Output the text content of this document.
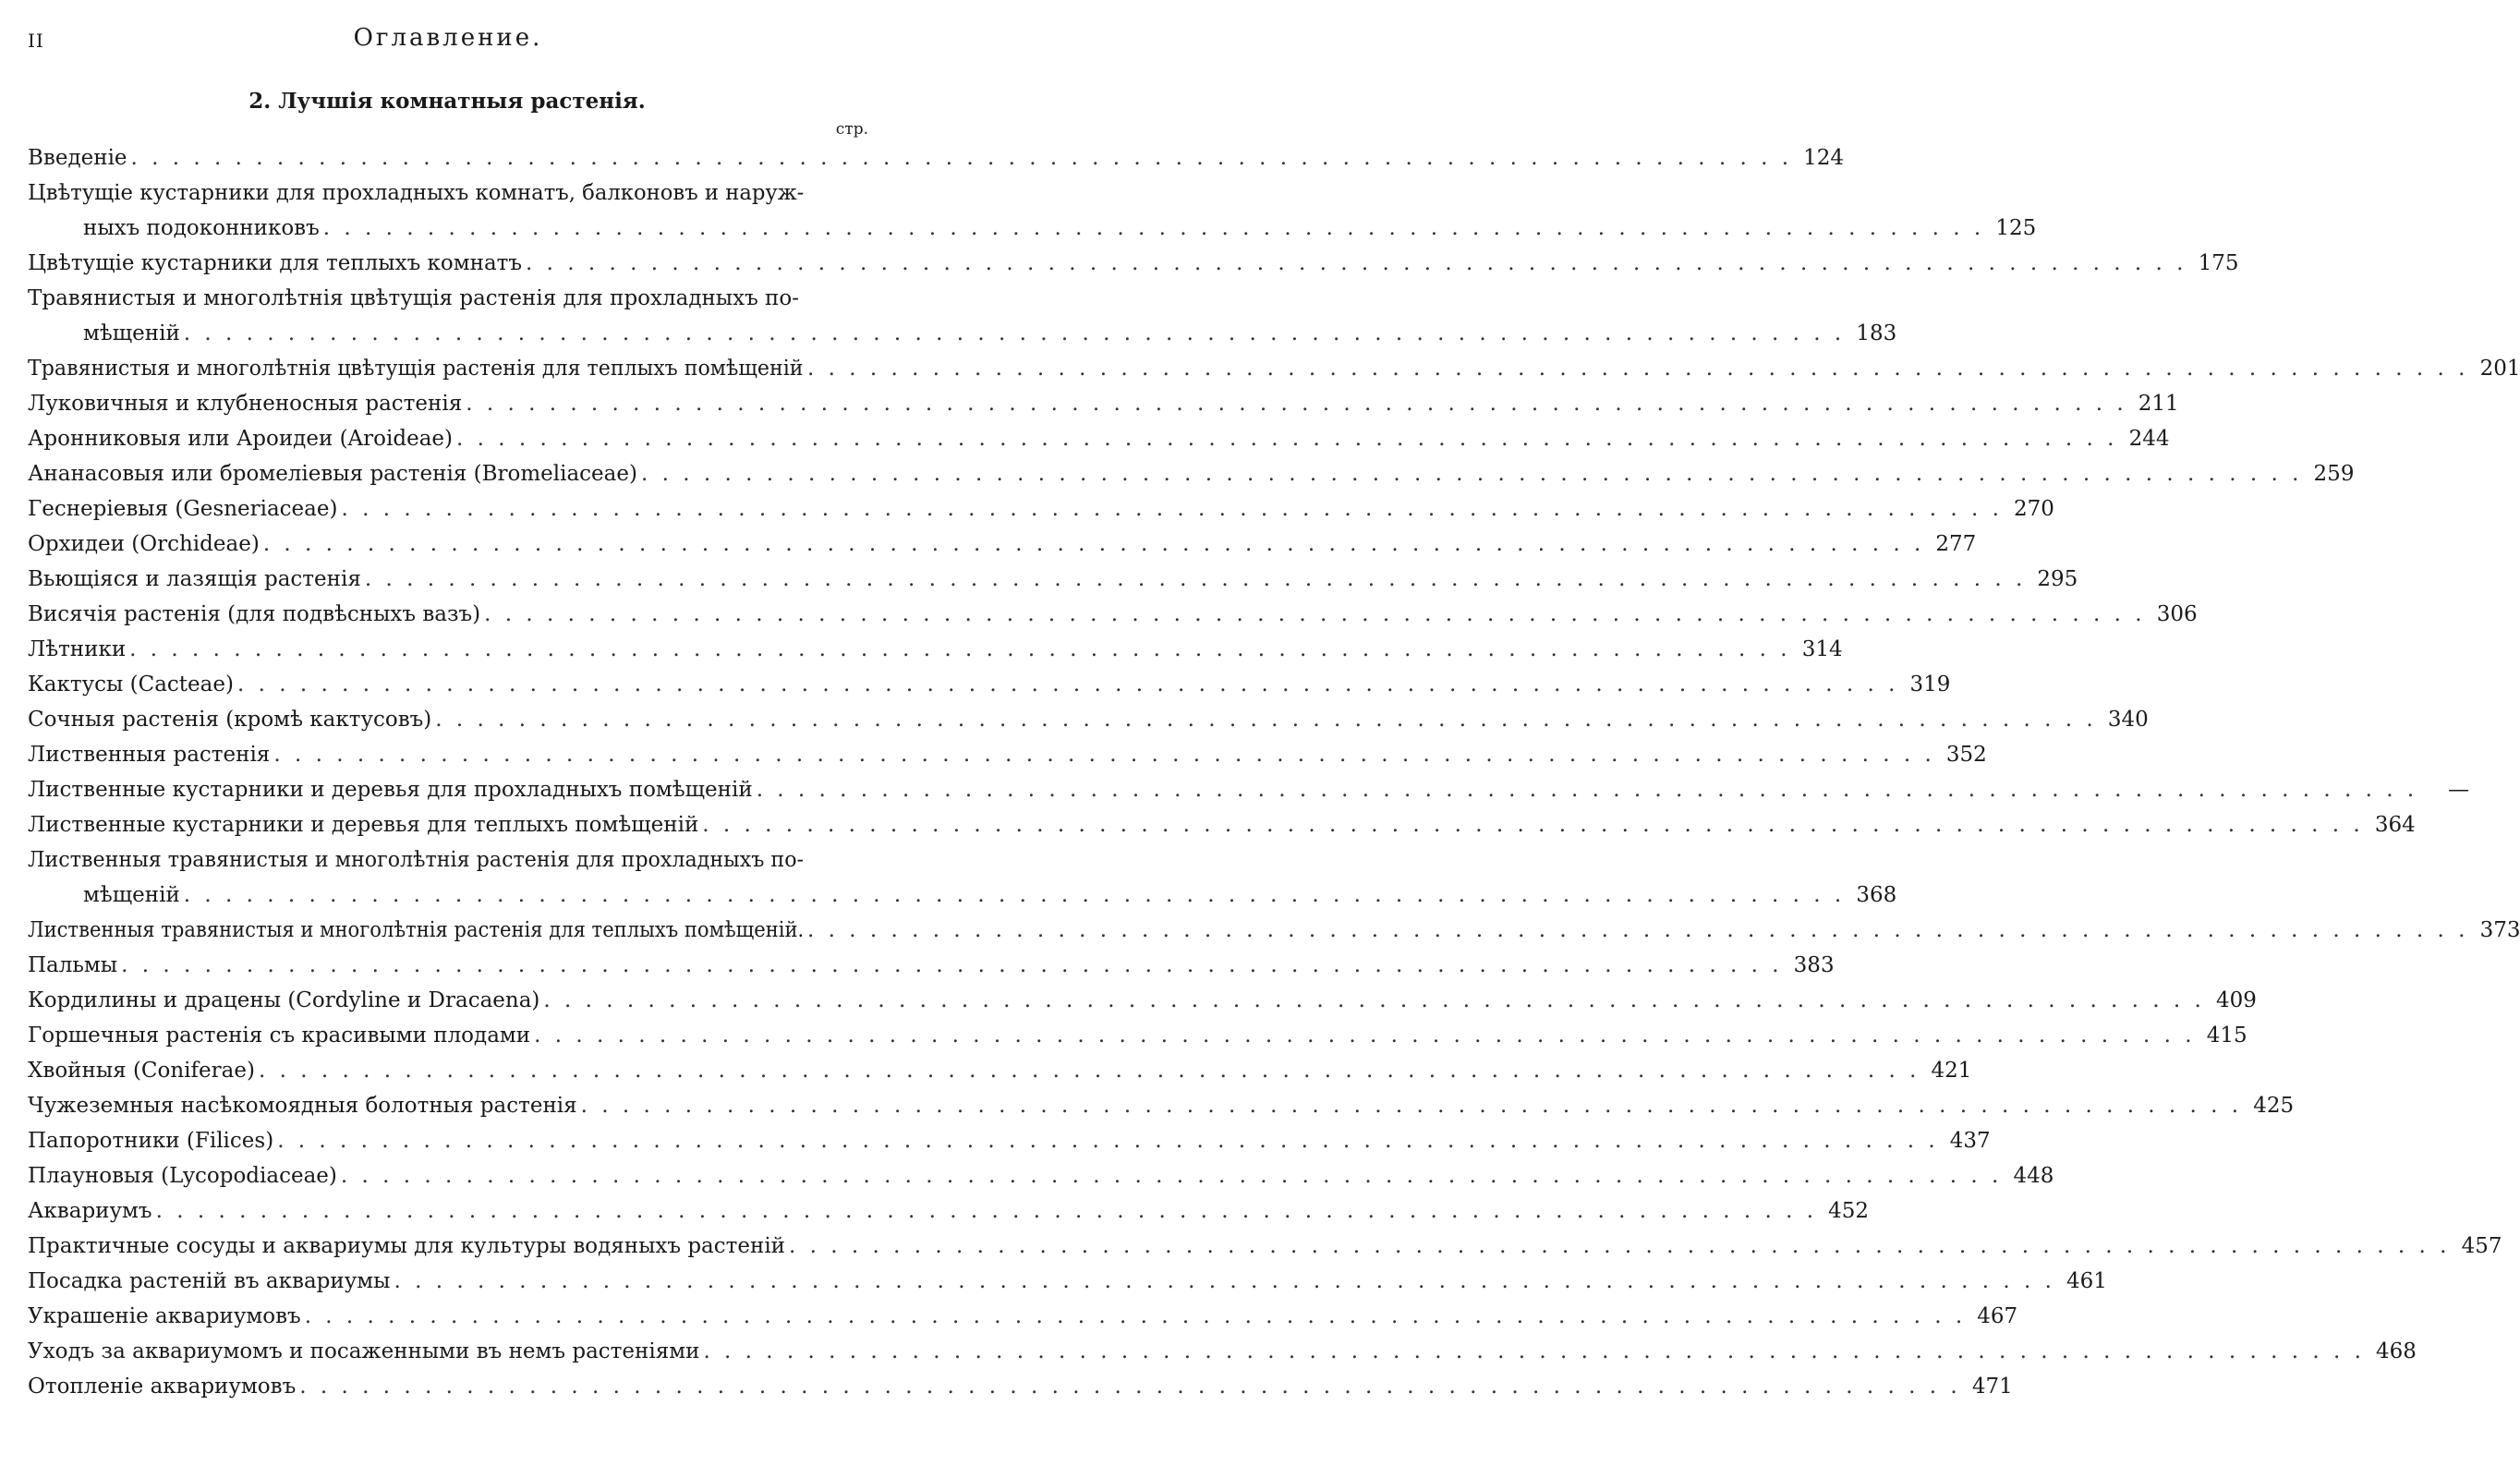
II	Оглавление.
2. Лучшія комнатныя растенія.
стр.
Введеніе . . . . . . . . . . . . . . . . . . . . . . . . . . . . . . . . . . . . . . . . . . . . . . . . . . . . . . . . . . . . . . . . . . . . . . . . . . . . . . . . 124
Цвѣтущіе кустарники для прохладныхъ комнатъ, балконовъ и наруж-
ныхъ подоконниковъ . . . . . . . . . . . . . . . . . . . . . . . . . . . . . . . . . . . . . . . . . . . . . . . . . . . . . . . . . . . . . . . . . . . . . . . . . . . . . . . . 125
Цвѣтущіе кустарники для теплыхъ комнатъ . . . . . . . . . . . . . . . . . . . . . . . . . . . . . . . . . . . . . . . . . . . . . . . . . . . . . . . . . . . . . . . . . . . . . . . . . . . . . . . . 175
Травянистыя и многолѣтнія цвѣтущія растенія для прохладныхъ по-
мѣщеній . . . . . . . . . . . . . . . . . . . . . . . . . . . . . . . . . . . . . . . . . . . . . . . . . . . . . . . . . . . . . . . . . . . . . . . . . . . . . . . . 183
Травянистыя и многолѣтнія цвѣтущія растенія для теплыхъ помѣщеній . . . . . . . . . . . . . . . . . . . . . . . . . . . . . . . . . . . . . . . . . . . . . . . . . . . . . . . . . . . . . . . . . . . . . . . . . . . . . . . . 201
Луковичныя и клубненосныя растенія . . . . . . . . . . . . . . . . . . . . . . . . . . . . . . . . . . . . . . . . . . . . . . . . . . . . . . . . . . . . . . . . . . . . . . . . . . . . . . . . 211
Аронниковыя или Ароидеи (Aroideae) . . . . . . . . . . . . . . . . . . . . . . . . . . . . . . . . . . . . . . . . . . . . . . . . . . . . . . . . . . . . . . . . . . . . . . . . . . . . . . . . 244
Ананасовыя или бромеліевыя растенія (Bromeliaceae) . . . . . . . . . . . . . . . . . . . . . . . . . . . . . . . . . . . . . . . . . . . . . . . . . . . . . . . . . . . . . . . . . . . . . . . . . . . . . . . . 259
Геснеріевыя (Gesneriaceae) . . . . . . . . . . . . . . . . . . . . . . . . . . . . . . . . . . . . . . . . . . . . . . . . . . . . . . . . . . . . . . . . . . . . . . . . . . . . . . . . 270
Орхидеи (Orchideae) . . . . . . . . . . . . . . . . . . . . . . . . . . . . . . . . . . . . . . . . . . . . . . . . . . . . . . . . . . . . . . . . . . . . . . . . . . . . . . . . 277
Вьющіяся и лазящія растенія . . . . . . . . . . . . . . . . . . . . . . . . . . . . . . . . . . . . . . . . . . . . . . . . . . . . . . . . . . . . . . . . . . . . . . . . . . . . . . . . 295
Висячія растенія (для подвѣсныхъ вазъ) . . . . . . . . . . . . . . . . . . . . . . . . . . . . . . . . . . . . . . . . . . . . . . . . . . . . . . . . . . . . . . . . . . . . . . . . . . . . . . . . 306
Лѣтники . . . . . . . . . . . . . . . . . . . . . . . . . . . . . . . . . . . . . . . . . . . . . . . . . . . . . . . . . . . . . . . . . . . . . . . . . . . . . . . . 314
Кактусы (Cacteae) . . . . . . . . . . . . . . . . . . . . . . . . . . . . . . . . . . . . . . . . . . . . . . . . . . . . . . . . . . . . . . . . . . . . . . . . . . . . . . . . 319
Сочныя растенія (кромѣ кактусовъ) . . . . . . . . . . . . . . . . . . . . . . . . . . . . . . . . . . . . . . . . . . . . . . . . . . . . . . . . . . . . . . . . . . . . . . . . . . . . . . . . 340
Лиственныя растенія . . . . . . . . . . . . . . . . . . . . . . . . . . . . . . . . . . . . . . . . . . . . . . . . . . . . . . . . . . . . . . . . . . . . . . . . . . . . . . . . 352
Лиственные кустарники и деревья для прохладныхъ помѣщеній . . . . . . . . . . . . . . . . . . . . . . . . . . . . . . . . . . . . . . . . . . . . . . . . . . . . . . . . . . . . . . . . . . . . . . . . . . . . . . . .	—
Лиственные кустарники и деревья для теплыхъ помѣщеній . . . . . . . . . . . . . . . . . . . . . . . . . . . . . . . . . . . . . . . . . . . . . . . . . . . . . . . . . . . . . . . . . . . . . . . . . . . . . . . . 364
Лиственныя травянистыя и многолѣтнія растенія для прохладныхъ по-
мѣщеній . . . . . . . . . . . . . . . . . . . . . . . . . . . . . . . . . . . . . . . . . . . . . . . . . . . . . . . . . . . . . . . . . . . . . . . . . . . . . . . . 368
Лиственныя травянистыя и многолѣтнія растенія для теплыхъ помѣщеній. . . . . . . . . . . . . . . . . . . . . . . . . . . . . . . . . . . . . . . . . . . . . . . . . . . . . . . . . . . . . . . . . . . . . . . . . . . . . . . . . 373
Пальмы . . . . . . . . . . . . . . . . . . . . . . . . . . . . . . . . . . . . . . . . . . . . . . . . . . . . . . . . . . . . . . . . . . . . . . . . . . . . . . . . 383
Кордилины и драцены (Cordyline и Dracaena) . . . . . . . . . . . . . . . . . . . . . . . . . . . . . . . . . . . . . . . . . . . . . . . . . . . . . . . . . . . . . . . . . . . . . . . . . . . . . . . . 409
Горшечныя растенія съ красивыми плодами . . . . . . . . . . . . . . . . . . . . . . . . . . . . . . . . . . . . . . . . . . . . . . . . . . . . . . . . . . . . . . . . . . . . . . . . . . . . . . . . 415
Хвойныя (Coniferae) . . . . . . . . . . . . . . . . . . . . . . . . . . . . . . . . . . . . . . . . . . . . . . . . . . . . . . . . . . . . . . . . . . . . . . . . . . . . . . . . 421
Чужеземныя насѣкомоядныя болотныя растенія . . . . . . . . . . . . . . . . . . . . . . . . . . . . . . . . . . . . . . . . . . . . . . . . . . . . . . . . . . . . . . . . . . . . . . . . . . . . . . . . 425
Папоротники (Filices) . . . . . . . . . . . . . . . . . . . . . . . . . . . . . . . . . . . . . . . . . . . . . . . . . . . . . . . . . . . . . . . . . . . . . . . . . . . . . . . . 437
Плауновыя (Lycopodiaceae) . . . . . . . . . . . . . . . . . . . . . . . . . . . . . . . . . . . . . . . . . . . . . . . . . . . . . . . . . . . . . . . . . . . . . . . . . . . . . . . . 448
Аквариумъ . . . . . . . . . . . . . . . . . . . . . . . . . . . . . . . . . . . . . . . . . . . . . . . . . . . . . . . . . . . . . . . . . . . . . . . . . . . . . . . . 452
Практичные сосуды и аквариумы для культуры водяныхъ растеній . . . . . . . . . . . . . . . . . . . . . . . . . . . . . . . . . . . . . . . . . . . . . . . . . . . . . . . . . . . . . . . . . . . . . . . . . . . . . . . . 457
Посадка растеній въ аквариумы . . . . . . . . . . . . . . . . . . . . . . . . . . . . . . . . . . . . . . . . . . . . . . . . . . . . . . . . . . . . . . . . . . . . . . . . . . . . . . . . 461
Украшеніе аквариумовъ . . . . . . . . . . . . . . . . . . . . . . . . . . . . . . . . . . . . . . . . . . . . . . . . . . . . . . . . . . . . . . . . . . . . . . . . . . . . . . . . 467
Уходъ за аквариумомъ и посаженными въ немъ растеніями . . . . . . . . . . . . . . . . . . . . . . . . . . . . . . . . . . . . . . . . . . . . . . . . . . . . . . . . . . . . . . . . . . . . . . . . . . . . . . . . 468
Отопленіе аквариумовъ . . . . . . . . . . . . . . . . . . . . . . . . . . . . . . . . . . . . . . . . . . . . . . . . . . . . . . . . . . . . . . . . . . . . . . . . . . . . . . . . 471
